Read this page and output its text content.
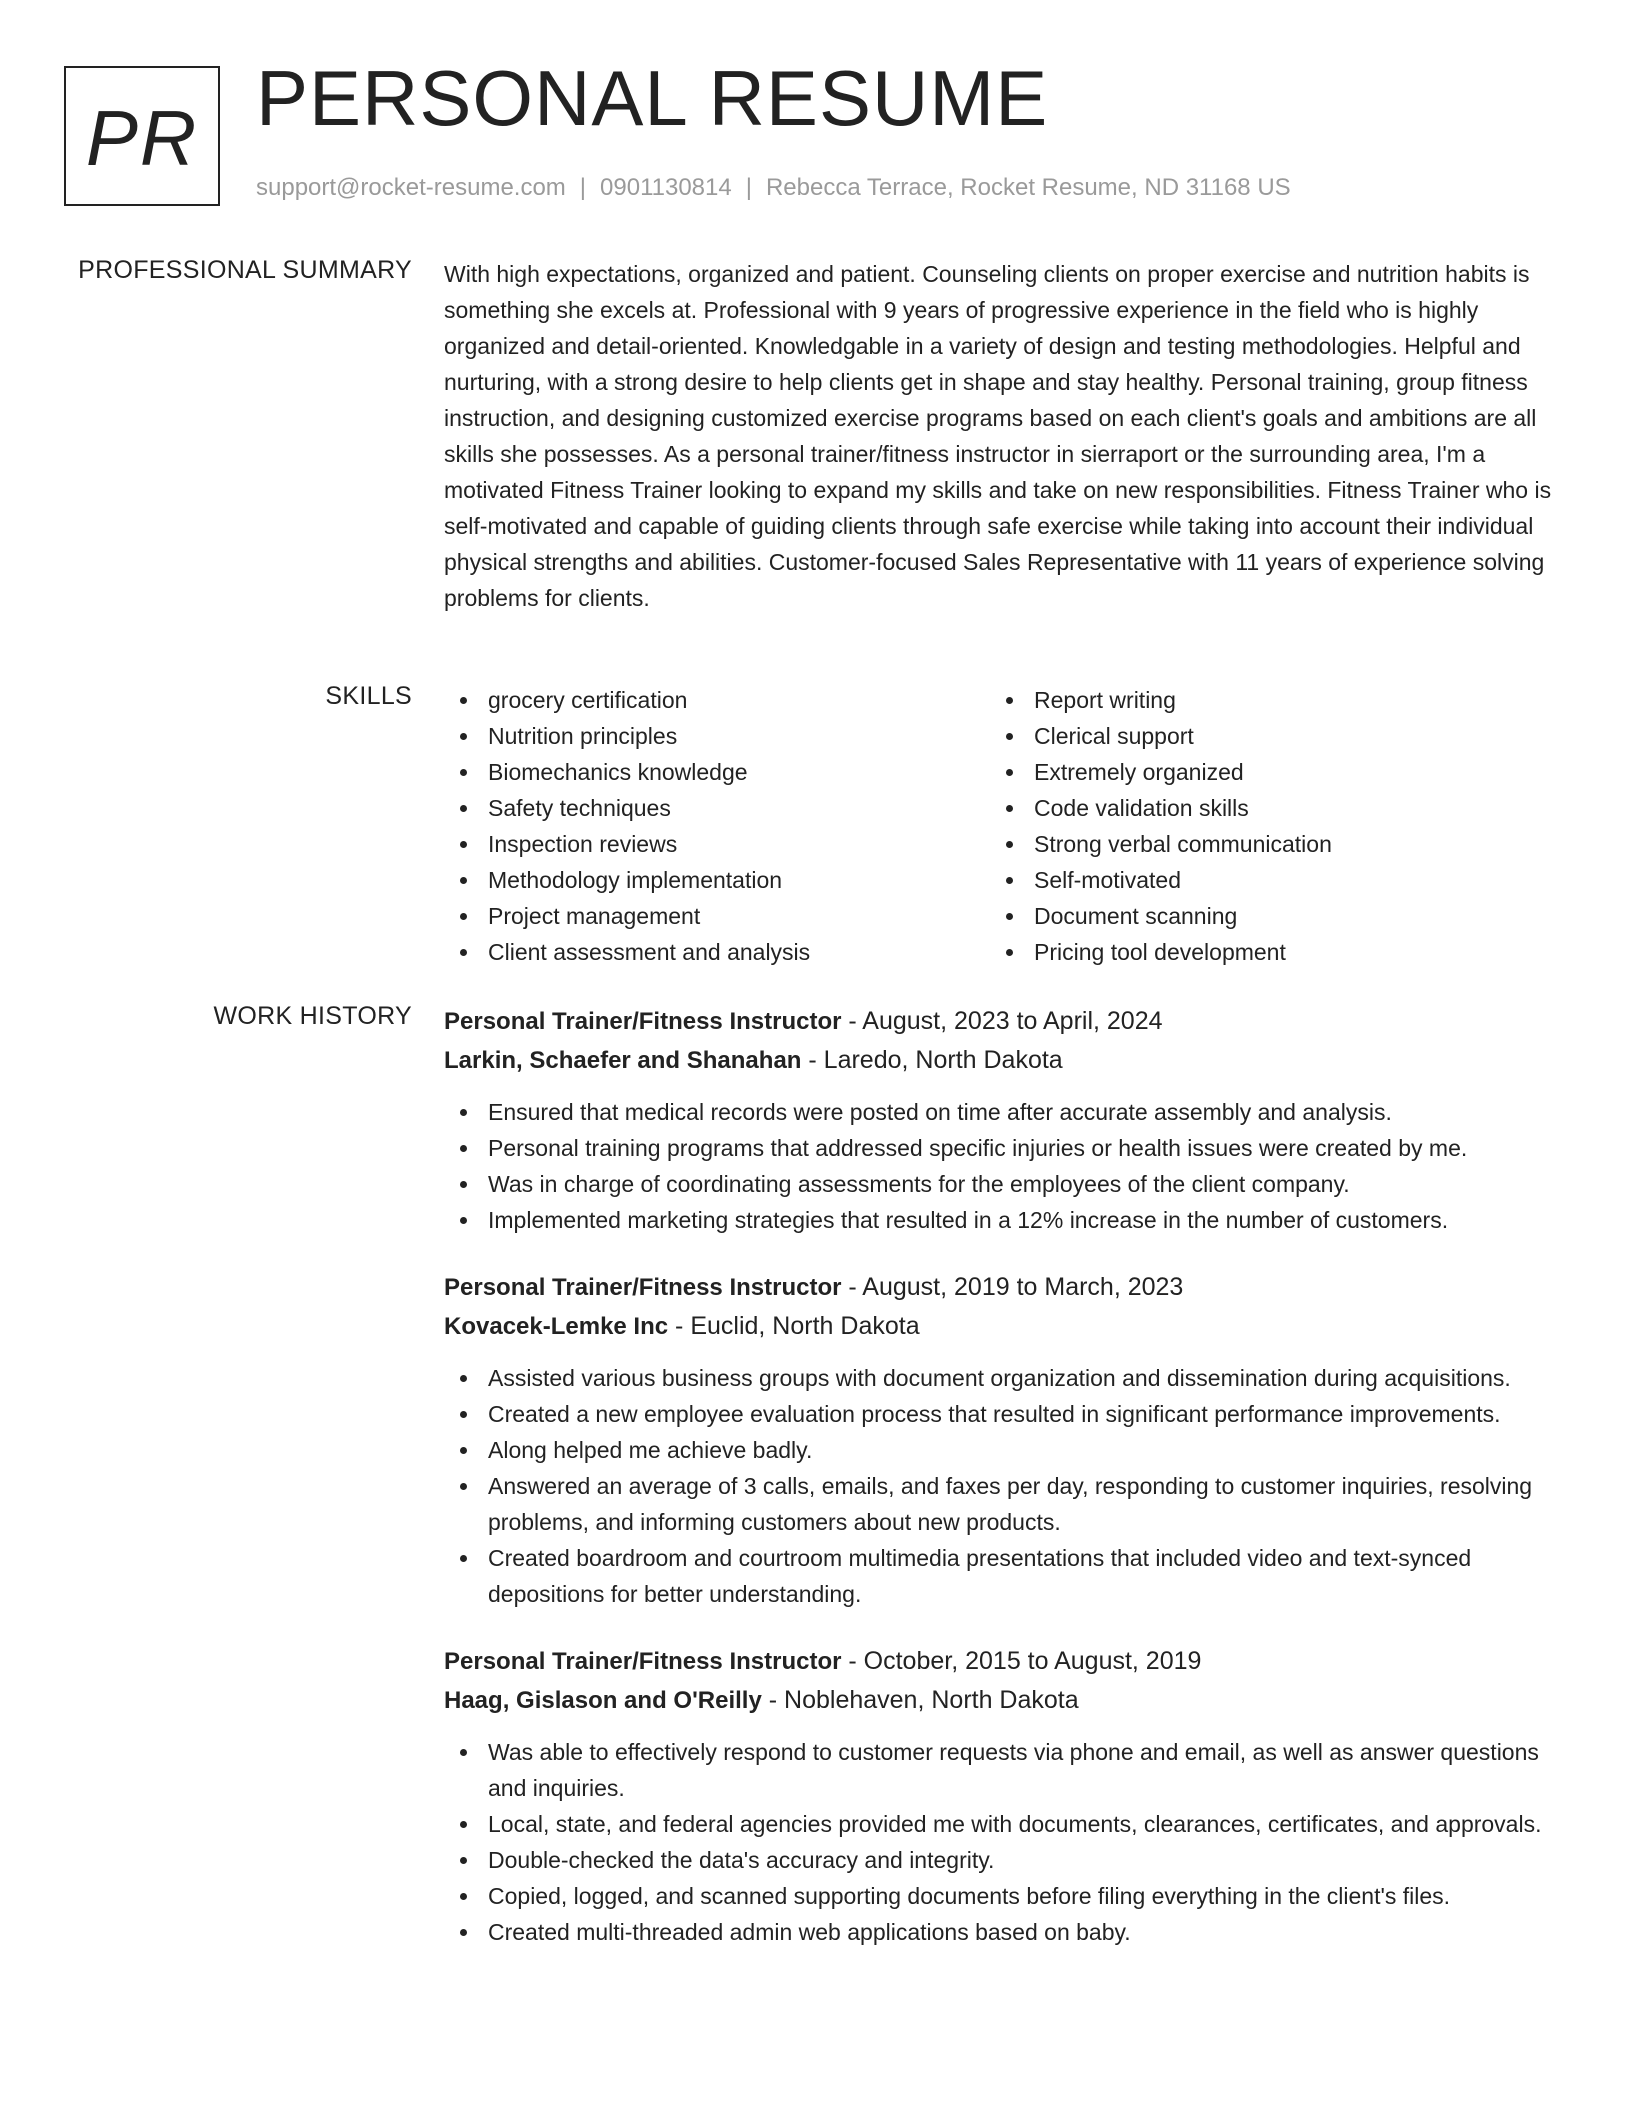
PR PERSONAL RESUME
support@rocket-resume.com | 0901130814 | Rebecca Terrace, Rocket Resume, ND 31168 US
PROFESSIONAL SUMMARY With high expectations, organized and patient. Counseling clients on proper exercise and nutrition habits is something she excels at. Professional with 9 years of progressive experience in the field who is highly organized and detail-oriented. Knowledgable in a variety of design and testing methodologies. Helpful and nurturing, with a strong desire to help clients get in shape and stay healthy. Personal training, group fitness instruction, and designing customized exercise programs based on each client's goals and ambitions are all skills she possesses. As a personal trainer/fitness instructor in sierraport or the surrounding area, I'm a motivated Fitness Trainer looking to expand my skills and take on new responsibilities. Fitness Trainer who is self-motivated and capable of guiding clients through safe exercise while taking into account their individual physical strengths and abilities. Customer-focused Sales Representative with 11 years of experience solving problems for clients.

SKILLS	grocery certification
Nutrition principles
Biomechanics knowledge
Safety techniques
Inspection reviews
Methodology implementation
Project management
Client assessment and analysis
Report writing
Clerical support
Extremely organized
Code validation skills
Strong verbal communication
Self-motivated
Document scanning
Pricing tool development
WORK HISTORY Personal Trainer/Fitness Instructor - August, 2023 to April, 2024
Larkin, Schaefer and Shanahan - Laredo, North Dakota
Ensured that medical records were posted on time after accurate assembly and analysis.
Personal training programs that addressed specific injuries or health issues were created by me.
Was in charge of coordinating assessments for the employees of the client company.
Implemented marketing strategies that resulted in a 12% increase in the number of customers.
Personal Trainer/Fitness Instructor - August, 2019 to March, 2023
Kovacek-Lemke Inc - Euclid, North Dakota
Assisted various business groups with document organization and dissemination during acquisitions.
Created a new employee evaluation process that resulted in significant performance improvements.
Along helped me achieve badly.
Answered an average of 3 calls, emails, and faxes per day, responding to customer inquiries, resolving problems, and informing customers about new products.
Created boardroom and courtroom multimedia presentations that included video and text-synced depositions for better understanding.
Personal Trainer/Fitness Instructor - October, 2015 to August, 2019
Haag, Gislason and O'Reilly - Noblehaven, North Dakota
Was able to effectively respond to customer requests via phone and email, as well as answer questions and inquiries.
Local, state, and federal agencies provided me with documents, clearances, certificates, and approvals.
Double-checked the data's accuracy and integrity.
Copied, logged, and scanned supporting documents before filing everything in the client's files.
Created multi-threaded admin web applications based on baby.
